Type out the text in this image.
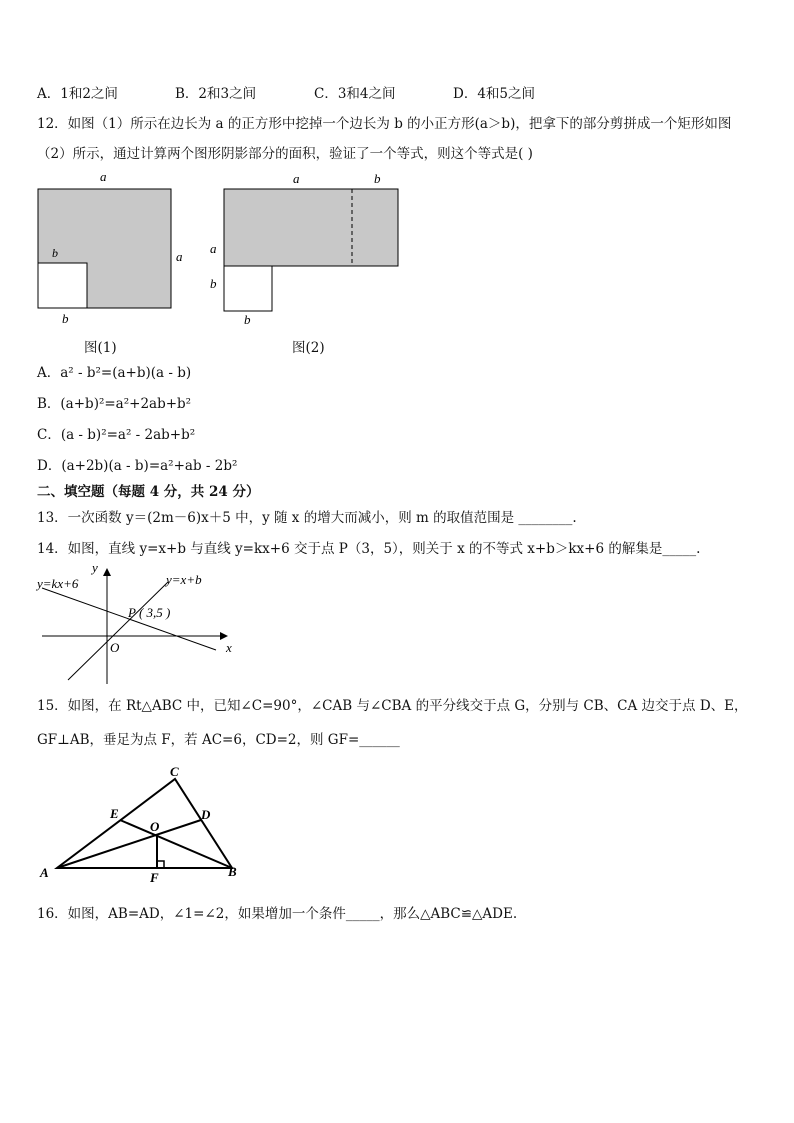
A．1和2之间	B．2和3之间	C．3和4之间	D．4和5之间
12．如图（1）所示在边长为 a 的正方形中挖掉一个边长为 b 的小正方形(a＞b)，把拿下的部分剪拼成一个矩形如图
（2）所示，通过计算两个图形阴影部分的面积，验证了一个等式，则这个等式是( )
a
a
b
b
图(1)
a	b
a
b
b
图(2)
A．a² - b²=(a+b)(a - b)
B．(a+b)²=a²+2ab+b²
C．(a - b)²=a² - 2ab+b²
D．(a+2b)(a - b)=a²+ab - 2b²
二、填空题（每题 4 分，共 24 分）
13．一次函数 y＝(2m－6)x＋5 中，y 随 x 的增大而减小，则 m 的取值范围是 ________.
14．如图，直线 y=x+b 与直线 y=kx+6 交于点 P（3，5），则关于 x 的不等式 x+b＞kx+6 的解集是_____.
y=kx+6	y=x+b
P ( 3,5 )
x
y
O
15．如图，在 Rt△ABC 中，已知∠C=90°，∠CAB 与∠CBA 的平分线交于点 G，分别与 CB、CA 边交于点 D、E，
GF⊥AB，垂足为点 F，若 AC=6，CD=2，则 GF=______
A	B
C
D
E
O
F
16．如图，AB=AD，∠1=∠2，如果增加一个条件_____，那么△ABC≌△ADE.
